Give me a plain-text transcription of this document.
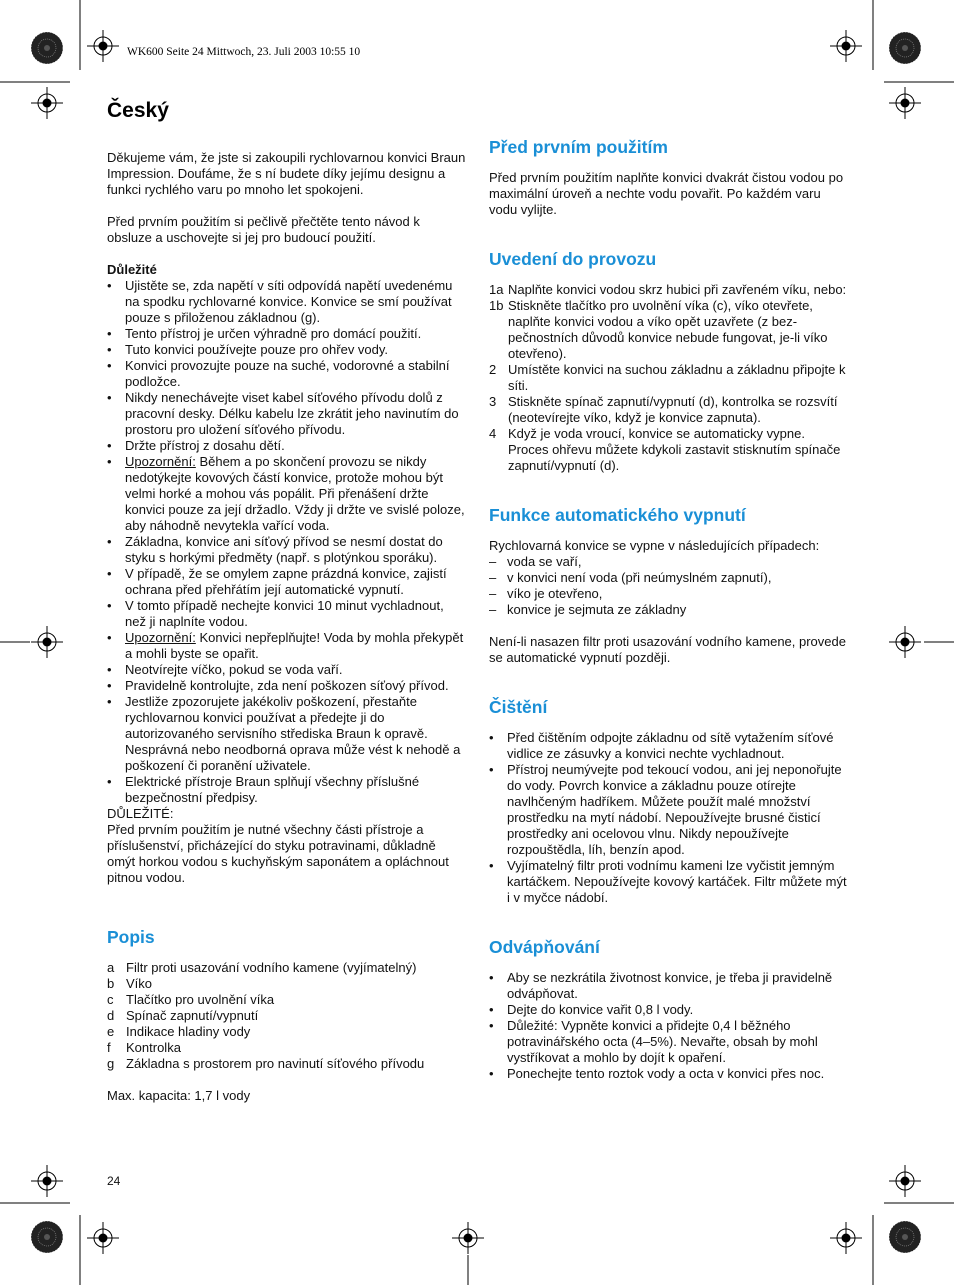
WK600 Seite 24 Mittwoch, 23. Juli 2003 10:55 10
Český

Děkujeme vám, že jste si zakoupili rychlovarnou konvici Braun Impression. Doufáme, že s ní budete díky jejímu designu a funkci rychlého varu po mnoho let spokojeni.

Před prvním použitím si pečlivě přečtěte tento návod k obsluze a uschovejte si jej pro budoucí použití.

Důležité

• Ujistěte se, zda napětí v síti odpovídá napětí uvedenému na spodku rychlovarné konvice. Konvice se smí používat pouze s přiloženou základnou (g).
• Tento přístroj je určen výhradně pro domácí použití.
• Tuto konvici používejte pouze pro ohřev vody.
• Konvici provozujte pouze na suché, vodorovné a stabilní podložce.
• Nikdy nenechávejte viset kabel síťového přívodu dolů z pracovní desky. Délku kabelu lze zkrátit jeho navinutím do prostoru pro uložení síťového přívodu.
• Držte přístroj z dosahu dětí.
• Upozornění: Během a po skončení provozu se nikdy nedotýkejte kovových částí konvice, protože mohou být velmi horké a mohou vás popálit. Při přenášení držte konvici pouze za její držadlo. Vždy ji držte ve svislé poloze, aby náhodně nevytekla vařící voda.
• Základna, konvice ani síťový přívod se nesmí dostat do styku s horkými předměty (např. s plotýnkou sporáku).
• V případě, že se omylem zapne prázdná konvice, zajistí ochrana před přehřátím její automatické vypnutí.
• V tomto případě nechejte konvici 10 minut vychladnout, než ji naplníte vodou.
• Upozornění: Konvici nepřeplňujte! Voda by mohla překypět a mohli byste se opařit.
• Neotvírejte víčko, pokud se voda vaří.
• Pravidelně kontrolujte, zda není poškozen síťový přívod.
• Jestliže zpozorujete jakékoliv poškození, přestaňte rychlovarnou konvici používat a předejte ji do autorizovaného servisního střediska Braun k opravě. Nesprávná nebo neodborná oprava může vést k nehodě a poškození či poranění uživatele.
• Elektrické přístroje Braun splňují všechny příslušné bezpečnostní předpisy.

DŮLEŽITÉ:

Před prvním použitím je nutné všechny části přístroje a příslušenství, přicházející do styku potravinami, důkladně omýt horkou vodou s kuchyňským saponátem a opláchnout pitnou vodou.

Popis
a Filtr proti usazování vodního kamene (vyjímatelný)
b Víko
c Tlačítko pro uvolnění víka
d Spínač zapnutí/vypnutí
e Indikace hladiny vody
f Kontrolka
g Základna s prostorem pro navinutí síťového přívodu

Max. kapacita: 1,7 l vody

Před prvním použitím

Před prvním použitím naplňte konvici dvakrát čistou vodou po maximální úroveň a nechte vodu povařit. Po každém varu vodu vylijte.

Uvedení do provozu
1a Naplňte konvici vodou skrz hubici při zavřeném víku, nebo:
1b Stiskněte tlačítko pro uvolnění víka (c), víko otevřete, naplňte konvici vodou a víko opět uzavřete (z bez-pečnostních důvodů konvice nebude fungovat, je-li víko otevřeno).
2 Umístěte konvici na suchou základnu a základnu připojte k síti.
3 Stiskněte spínač zapnutí/vypnutí (d), kontrolka se rozsvítí (neotevírejte víko, když je konvice zapnuta).
4 Když je voda vroucí, konvice se automaticky vypne. Proces ohřevu můžete kdykoli zastavit stisknutím spínače zapnutí/vypnutí (d).
Funkce automatického vypnutí

Rychlovarná konvice se vypne v následujících případech:

– voda se vaří,
– v konvici není voda (při neúmyslném zapnutí),
– víko je otevřeno,
– konvice je sejmuta ze základny

Není-li nasazen filtr proti usazování vodního kamene, provede se automatické vypnutí později.

Čištění
• Před čištěním odpojte základnu od sítě vytažením síťové vidlice ze zásuvky a konvici nechte vychladnout.
• Přístroj neumývejte pod tekoucí vodou, ani jej neponořujte do vody. Povrch konvice a základnu pouze otírejte navlhčeným hadříkem. Můžete použít malé množství prostředku na mytí nádobí. Nepoužívejte brusné čisticí prostředky ani ocelovou vlnu. Nikdy nepoužívejte rozpouštědla, líh, benzín apod.
• Vyjímatelný filtr proti vodnímu kameni lze vyčistit jemným kartáčkem. Nepoužívejte kovový kartáček. Filtr můžete mýt i v myčce nádobí.
Odvápňování
• Aby se nezkrátila životnost konvice, je třeba ji pravidelně odvápňovat.
• Dejte do konvice vařit 0,8 l vody.
• Důležité: Vypněte konvici a přidejte 0,4 l běžného potravinářského octa (4–5%). Nevařte, obsah by mohl vystříkovat a mohlo by dojít k opaření.
• Ponechejte tento roztok vody a octa v konvici přes noc.
24
